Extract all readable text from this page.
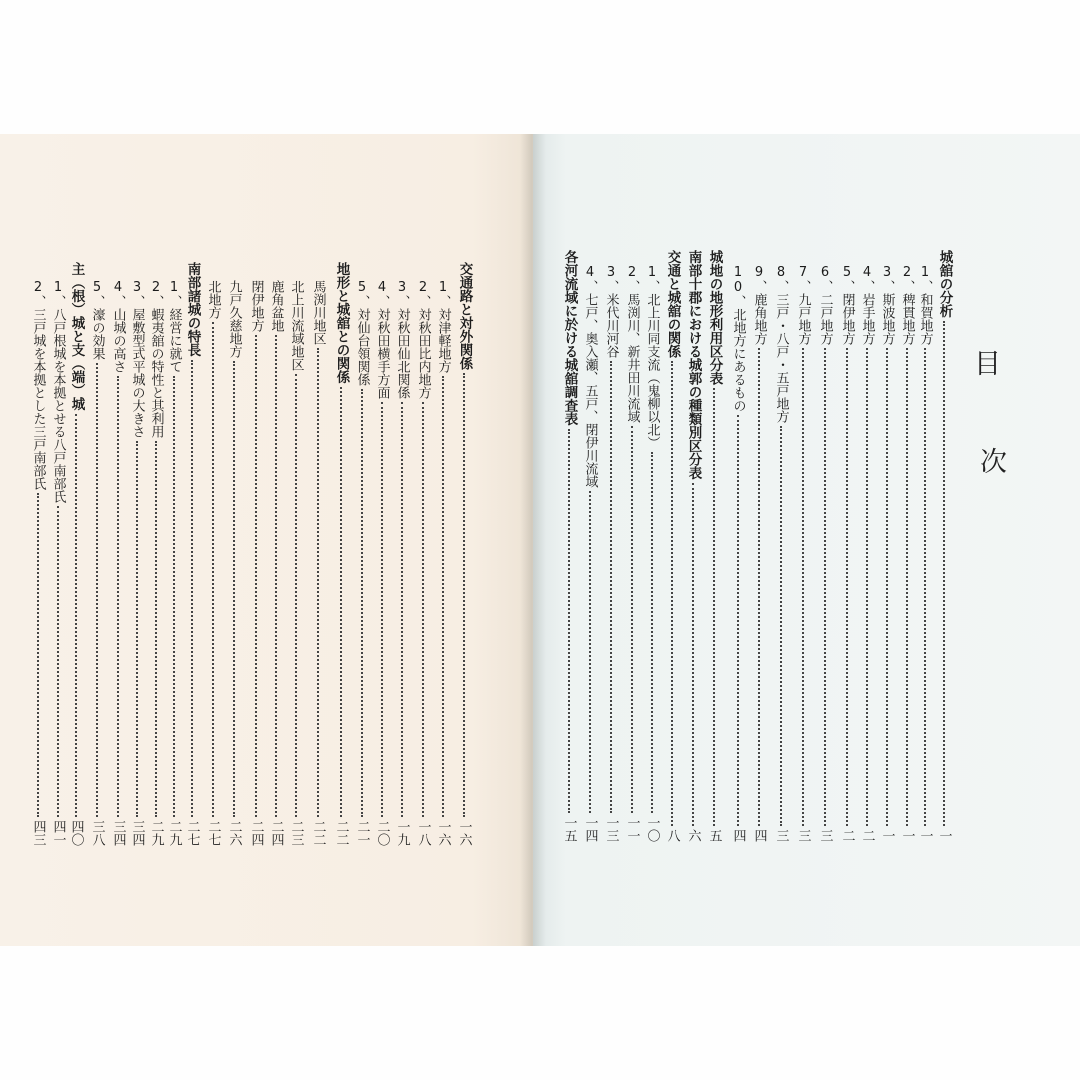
目
次
城舘の分析
一
1、和賀地方
一
2、稗貫地方
一
3、斯波地方
一
4、岩手地方
二
5、閉伊地方
二
6、二戸地方
三
7、九戸地方
三
8、三戸・八戸・五戸地方
三
9、鹿角地方
四
10、北地方にあるもの
四
城地の地形利用区分表
五
南部十郡における城郭の種類別区分表
六
交通と城舘の関係
八
1、北上川同支流（鬼柳以北）
一〇
2、馬渕川、新井田川流域
一一
3、米代川河谷
一三
4、七戸、奥入瀬、五戸、閉伊川流域
一四
各河流域に於ける城舘調査表
一五
交通路と対外関係
一六
1、対津軽地方
一六
2、対秋田比内地方
一八
3、対秋田仙北関係
一九
4、対秋田横手方面
二〇
5、対仙台領関係
二一
地形と城舘との関係
二二
馬渕川地区
二二
北上川流域地区
二三
鹿角盆地
二四
閉伊地方
二四
九戸久慈地方
二六
北地方
二七
南部諸城の特長
二七
1、経営に就て
二九
2、蝦夷舘の特性と其利用
二九
3、屋敷型式平城の大きさ
三四
4、山城の高さ
三四
5、濠の効果
三八
主（根）城と支（端）城
四〇
1、八戸根城を本拠とせる八戸南部氏
四一
2、三戸城を本拠とした三戸南部氏
四三
